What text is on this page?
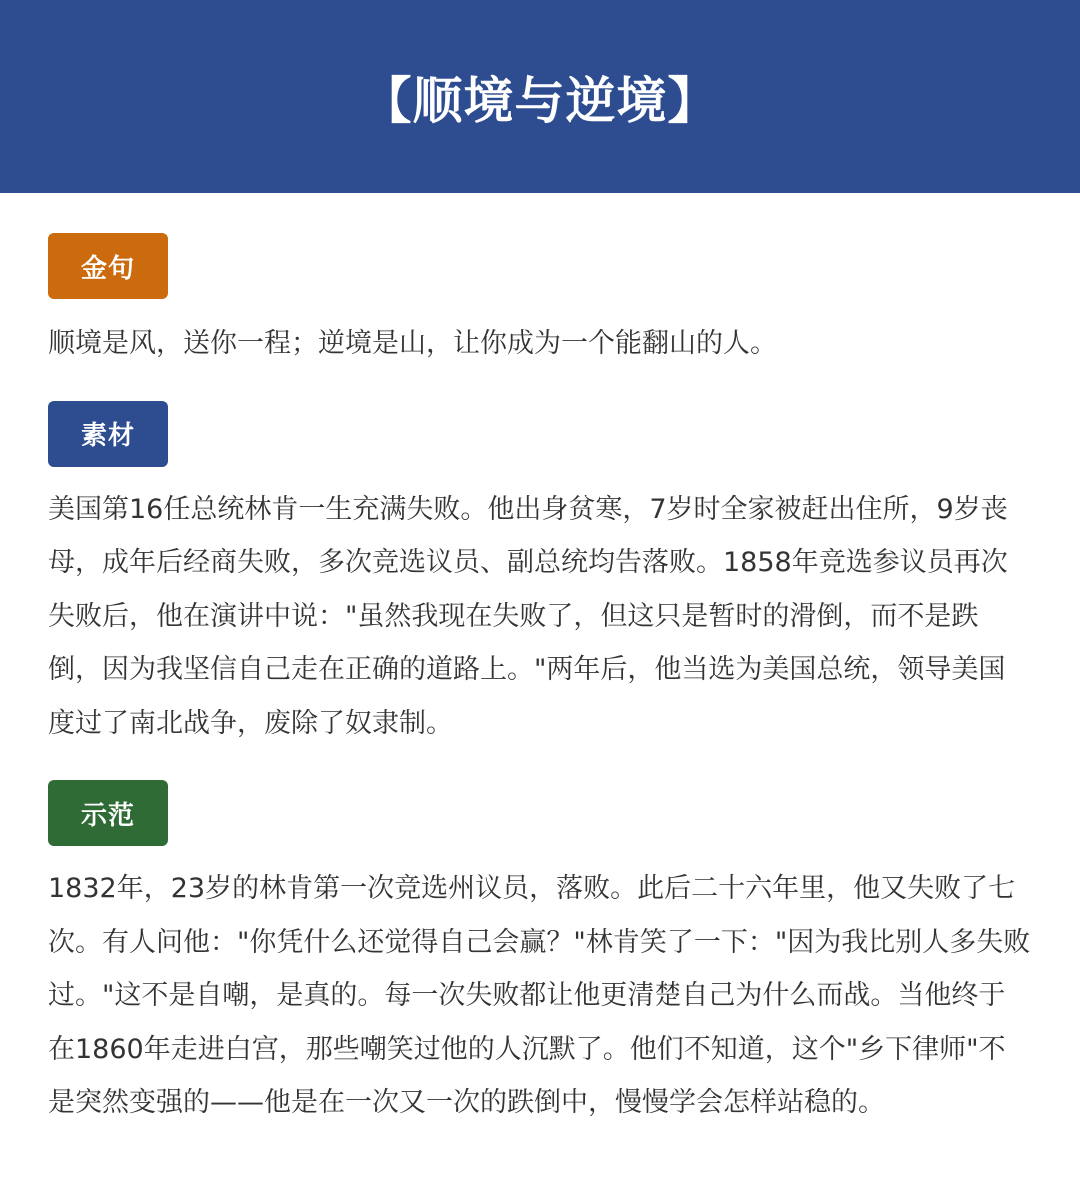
【顺境与逆境】
金句

顺境是风，送你一程；逆境是山，让你成为一个能翻山的人。

素材

美国第16任总统林肯一生充满失败。他出身贫寒，7岁时全家被赶出住所，9岁丧母，成年后经商失败，多次竞选议员、副总统均告落败。1858年竞选参议员再次失败后，他在演讲中说："虽然我现在失败了，但这只是暂时的滑倒，而不是跌倒，因为我坚信自己走在正确的道路上。"两年后，他当选为美国总统，领导美国度过了南北战争，废除了奴隶制。

示范

1832年，23岁的林肯第一次竞选州议员，落败。此后二十六年里，他又失败了七次。有人问他："你凭什么还觉得自己会赢？"林肯笑了一下："因为我比别人多失败过。"这不是自嘲，是真的。每一次失败都让他更清楚自己为什么而战。当他终于在1860年走进白宫，那些嘲笑过他的人沉默了。他们不知道，这个"乡下律师"不是突然变强的——他是在一次又一次的跌倒中，慢慢学会怎样站稳的。
